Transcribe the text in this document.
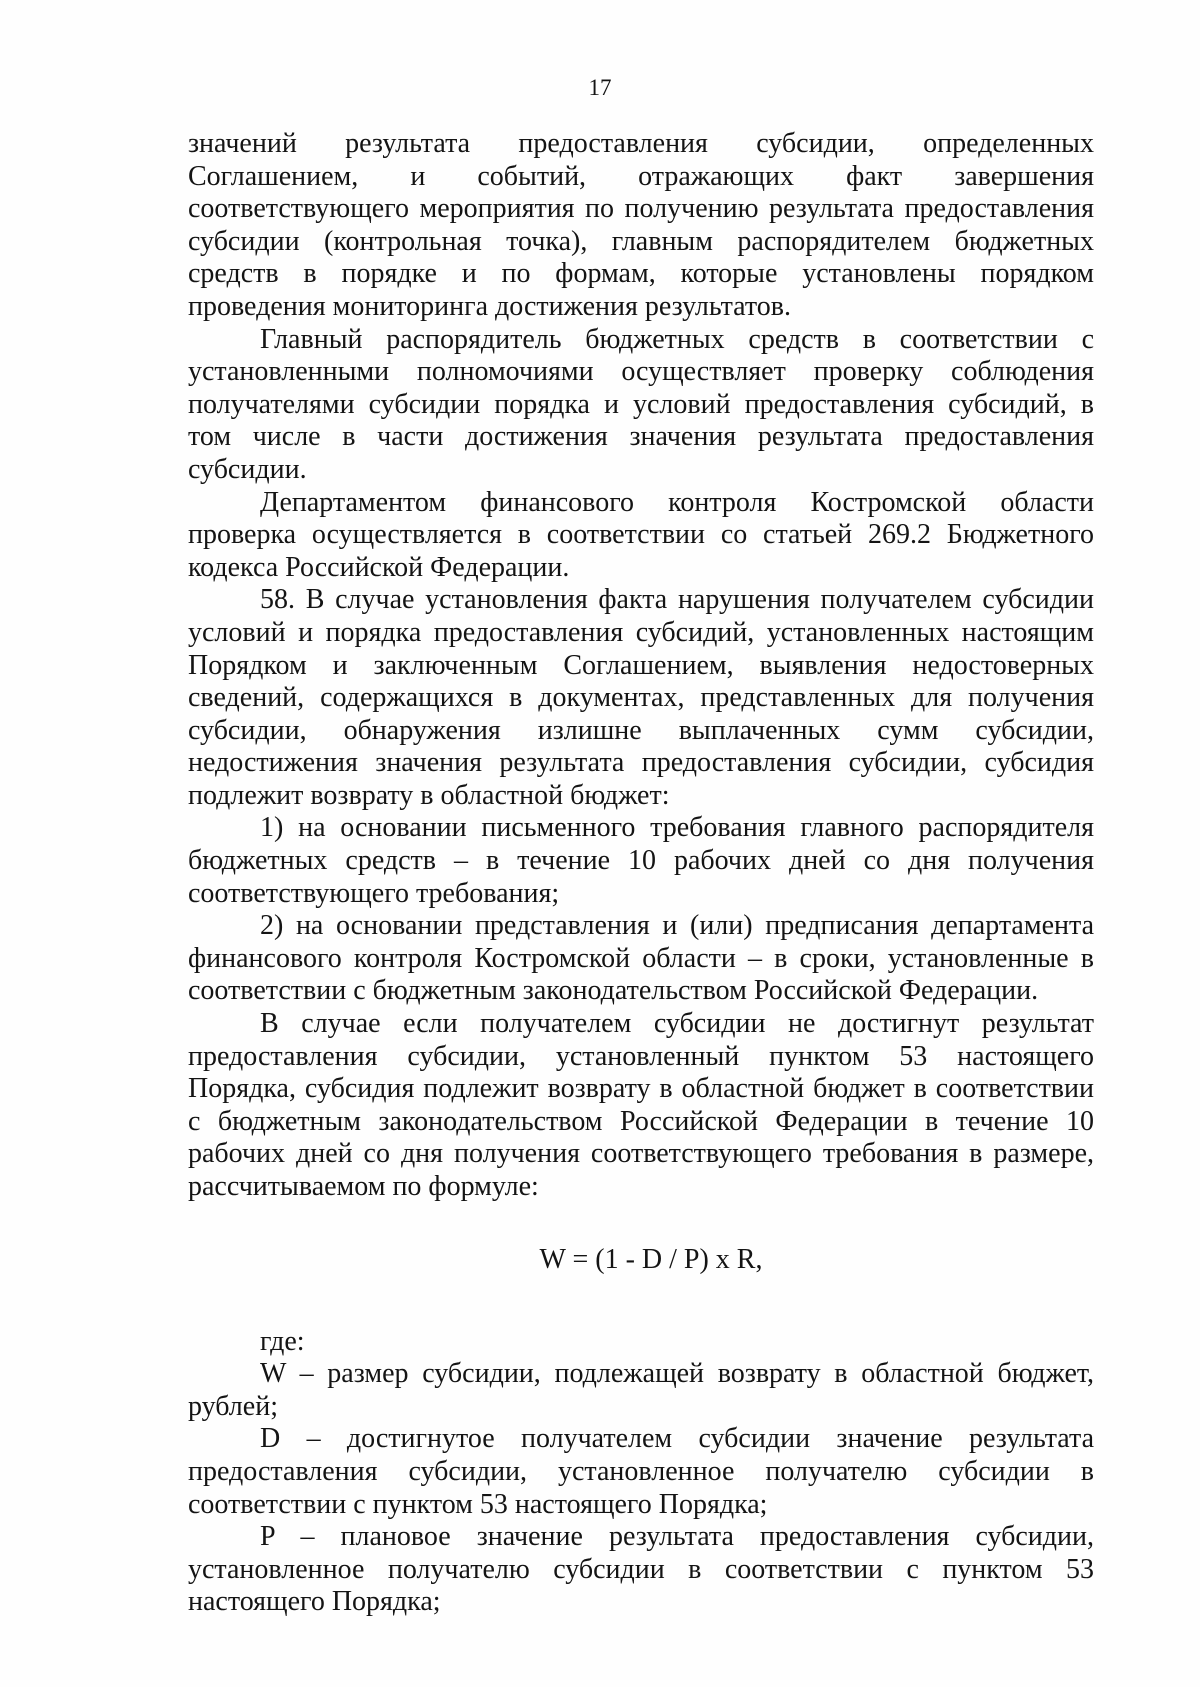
17

значений результата предоставления субсидии, определенных Соглашением, и событий, отражающих факт завершения соответствующего мероприятия по получению результата предоставления субсидии (контрольная точка), главным распорядителем бюджетных средств в порядке и по формам, которые установлены порядком проведения мониторинга достижения результатов.

Главный распорядитель бюджетных средств в соответствии с установленными полномочиями осуществляет проверку соблюдения получателями субсидии порядка и условий предоставления субсидий, в том числе в части достижения значения результата предоставления субсидии.

Департаментом финансового контроля Костромской области проверка осуществляется в соответствии со статьей 269.2 Бюджетного кодекса Российской Федерации.

58. В случае установления факта нарушения получателем субсидии условий и порядка предоставления субсидий, установленных настоящим Порядком и заключенным Соглашением, выявления недостоверных сведений, содержащихся в документах, представленных для получения субсидии, обнаружения излишне выплаченных сумм субсидии, недостижения значения результата предоставления субсидии, субсидия подлежит возврату в областной бюджет:

1) на основании письменного требования главного распорядителя бюджетных средств – в течение 10 рабочих дней со дня получения соответствующего требования;

2) на основании представления и (или) предписания департамента финансового контроля Костромской области – в сроки, установленные в соответствии с бюджетным законодательством Российской Федерации.

В случае если получателем субсидии не достигнут результат предоставления субсидии, установленный пунктом 53 настоящего Порядка, субсидия подлежит возврату в областной бюджет в соответствии с бюджетным законодательством Российской Федерации в течение 10 рабочих дней со дня получения соответствующего требования в размере, рассчитываемом по формуле:

W = (1 - D / P) x R,

где:

W – размер субсидии, подлежащей возврату в областной бюджет, рублей;

D – достигнутое получателем субсидии значение результата предоставления субсидии, установленное получателю субсидии в соответствии с пунктом 53 настоящего Порядка;

P – плановое значение результата предоставления субсидии, установленное получателю субсидии в соответствии с пунктом 53 настоящего Порядка;
